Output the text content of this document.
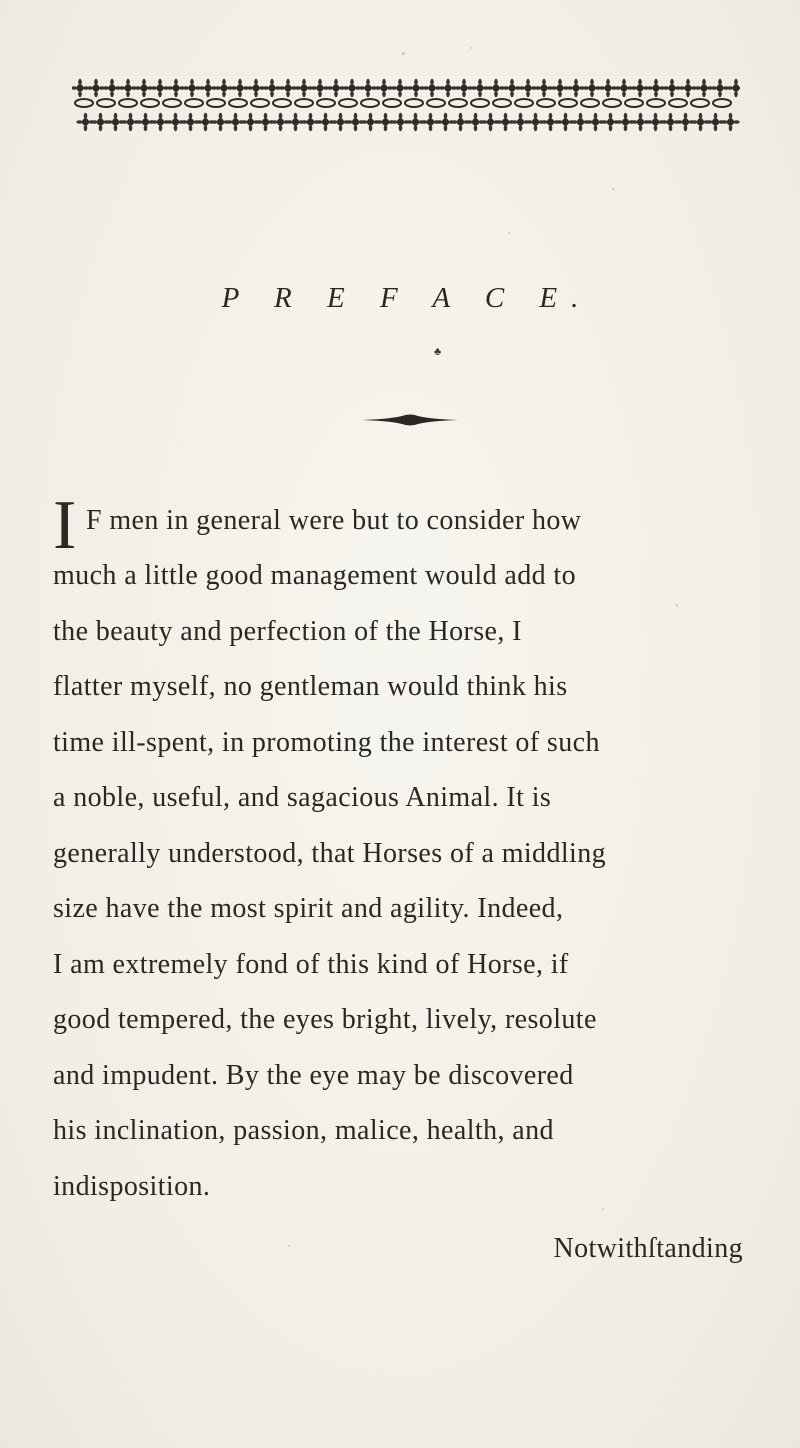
P R E F A C E.
♣
I F men in general were but to consider how
much a little good management would add to
the beauty and perfection of the Horse, I
flatter myself, no gentleman would think his
time ill-spent, in promoting the interest of such
a noble, useful, and sagacious Animal. It is
generally understood, that Horses of a middling
size have the most spirit and agility. Indeed,
I am extremely fond of this kind of Horse, if
good tempered, the eyes bright, lively, resolute
and impudent. By the eye may be discovered
his inclination, passion, malice, health, and
indisposition.
Notwithſtanding
